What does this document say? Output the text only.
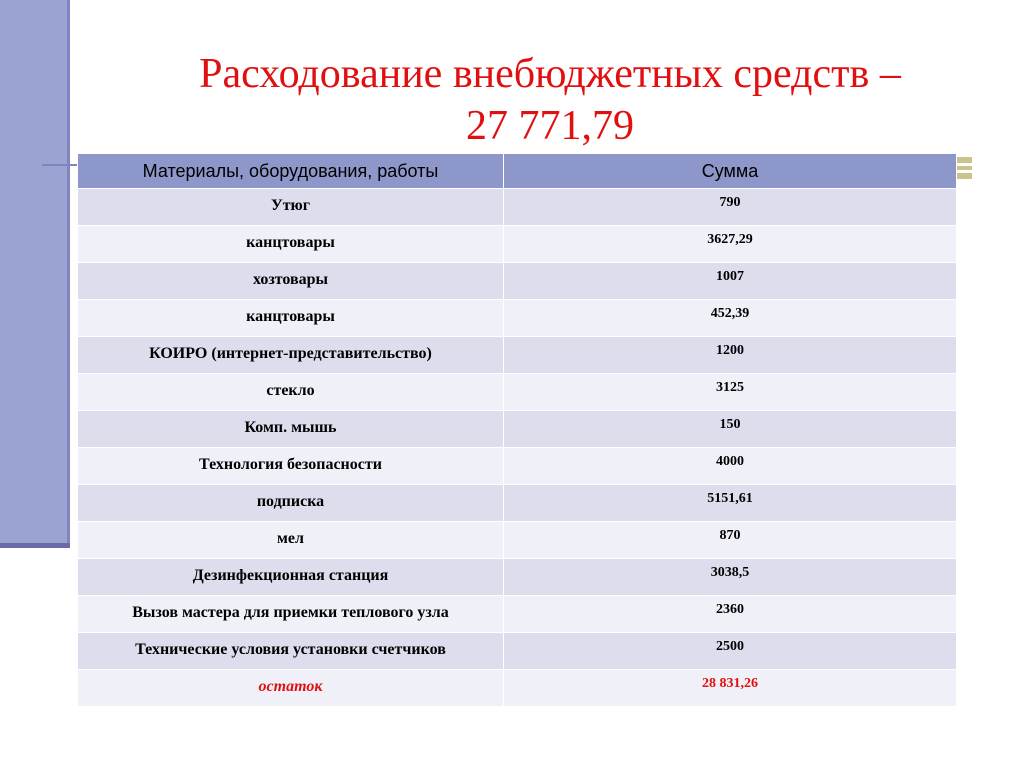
Расходование внебюджетных средств –
27 771,79
Материалы, оборудования, работы	Сумма
Утюг	790
канцтовары	3627,29
хозтовары	1007
канцтовары	452,39
КОИРО (интернет-представительство)	1200
стекло	3125
Комп. мышь	150
Технология безопасности	4000
подписка	5151,61
мел	870
Дезинфекционная станция	3038,5
Вызов мастера для приемки теплового узла	2360
Технические условия установки счетчиков	2500
остаток	28 831,26
